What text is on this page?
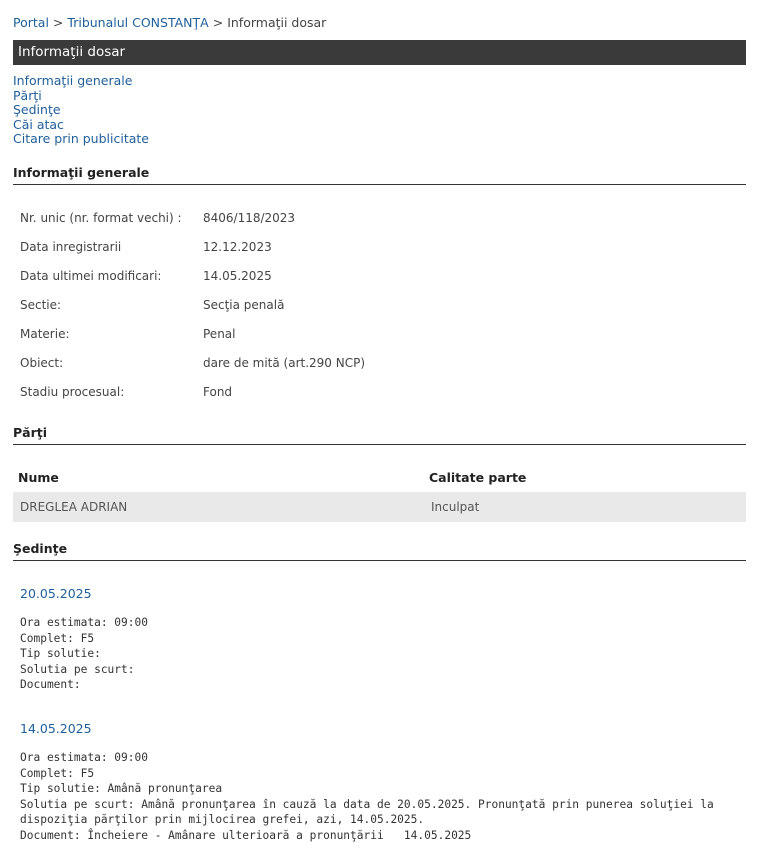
Portal > Tribunalul CONSTANŢA > Informaţii dosar
Informaţii dosar
Informaţii generale
Părţi
Şedinţe
Căi atac
Citare prin publicitate
Informaţii generale
Nr. unic (nr. format vechi) : 8406/118/2023
Data inregistrarii	12.12.2023
Data ultimei modificari:	14.05.2025
Sectie:	Secţia penală
Materie:	Penal
Obiect:	dare de mită (art.290 NCP)
Stadiu procesual:	Fond
Părţi
Nume	Calitate parte
DREGLEA ADRIAN	Inculpat
Şedinţe
20.05.2025
Ora estimata: 09:00
Complet: F5
Tip solutie:
Solutia pe scurt:
Document:
14.05.2025
Ora estimata: 09:00
Complet: F5
Tip solutie: Amână pronunţarea
Solutia pe scurt: Amână pronunţarea în cauză la data de 20.05.2025. Pronunţată prin punerea soluţiei la dispoziţia părţilor prin mijlocirea grefei, azi, 14.05.2025.
Document: Încheiere - Amânare ulterioară a pronunţării   14.05.2025
